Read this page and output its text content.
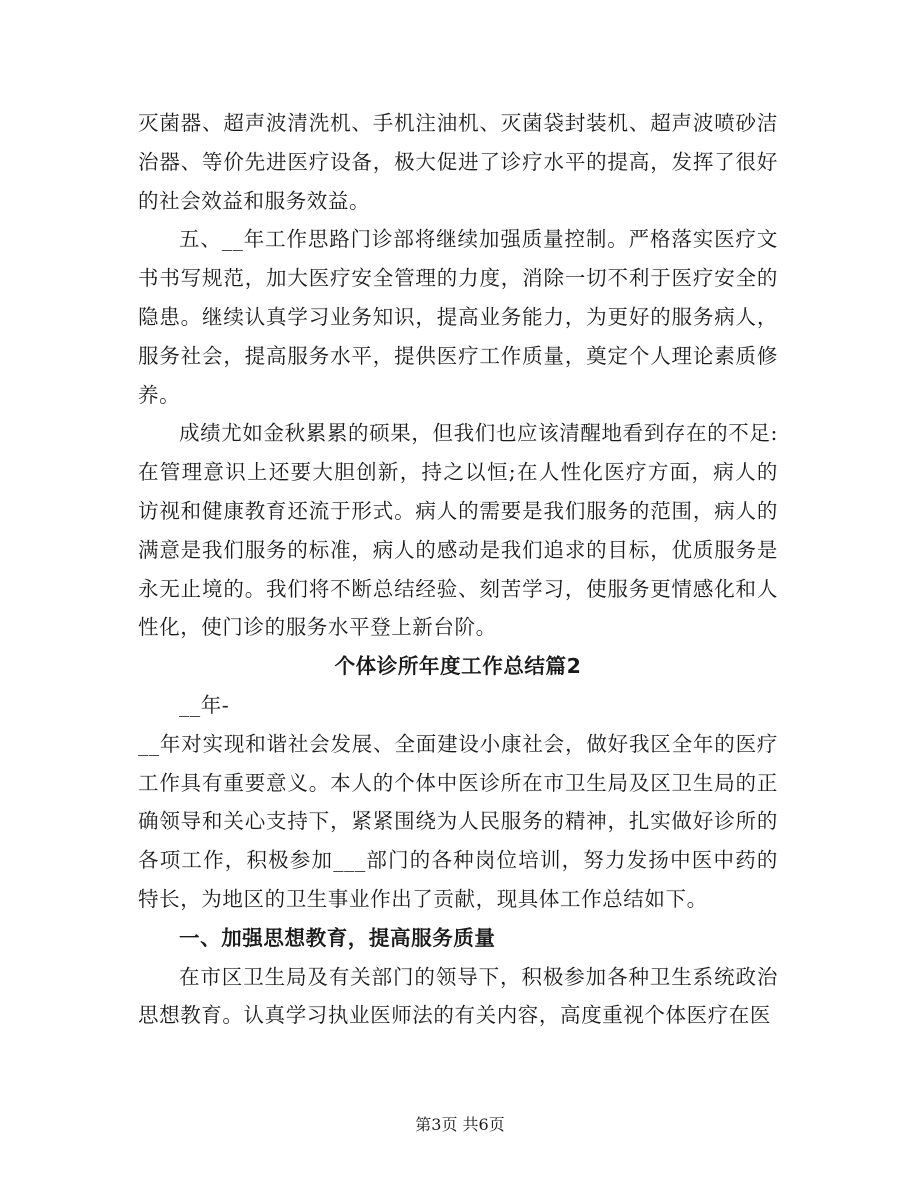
灭菌器、超声波清洗机、手机注油机、灭菌袋封装机、超声波喷砂洁治器、等价先进医疗设备，极大促进了诊疗水平的提高，发挥了很好的社会效益和服务效益。

五、__年工作思路门诊部将继续加强质量控制。严格落实医疗文书书写规范，加大医疗安全管理的力度，消除一切不利于医疗安全的隐患。继续认真学习业务知识，提高业务能力，为更好的服务病人，服务社会，提高服务水平，提供医疗工作质量，奠定个人理论素质修养。

成绩尤如金秋累累的硕果，但我们也应该清醒地看到存在的不足:在管理意识上还要大胆创新，持之以恒;在人性化医疗方面，病人的访视和健康教育还流于形式。病人的需要是我们服务的范围，病人的满意是我们服务的标准，病人的感动是我们追求的目标，优质服务是永无止境的。我们将不断总结经验、刻苦学习，使服务更情感化和人性化，使门诊的服务水平登上新台阶。

个体诊所年度工作总结篇2

__年-

__年对实现和谐社会发展、全面建设小康社会，做好我区全年的医疗工作具有重要意义。本人的个体中医诊所在市卫生局及区卫生局的正确领导和关心支持下，紧紧围绕为人民服务的精神，扎实做好诊所的各项工作，积极参加___部门的各种岗位培训，努力发扬中医中药的特长，为地区的卫生事业作出了贡献，现具体工作总结如下。

一、加强思想教育，提高服务质量

在市区卫生局及有关部门的领导下，积极参加各种卫生系统政治思想教育。认真学习执业医师法的有关内容，高度重视个体医疗在医

第3页 共6页
